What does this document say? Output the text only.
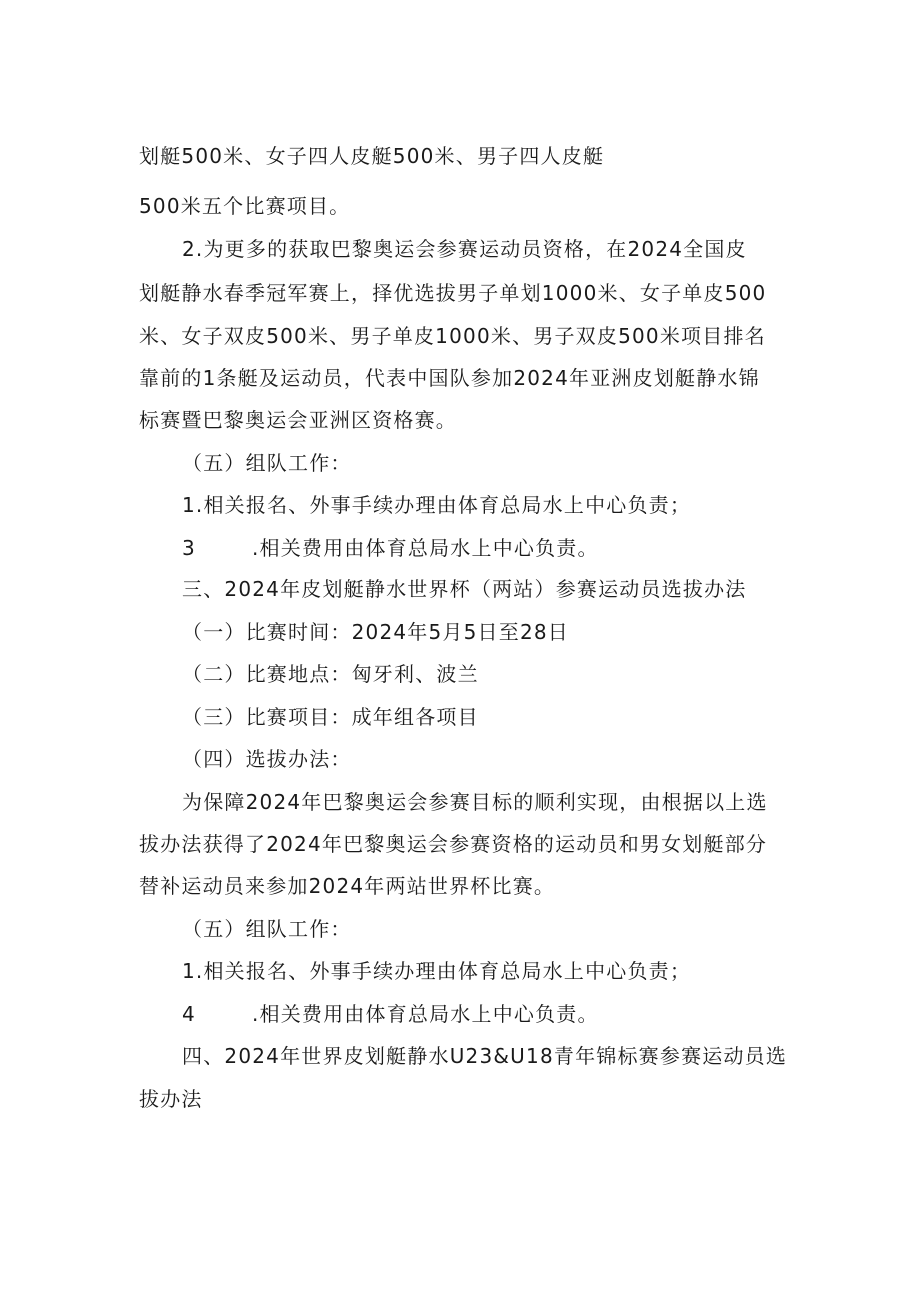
划艇500米、女子四人皮艇500米、男子四人皮艇
500米五个比赛项目。
2.为更多的获取巴黎奥运会参赛运动员资格，在2024全国皮
划艇静水春季冠军赛上，择优选拔男子单划1000米、女子单皮500
米、女子双皮500米、男子单皮1000米、男子双皮500米项目排名
靠前的1条艇及运动员，代表中国队参加2024年亚洲皮划艇静水锦
标赛暨巴黎奥运会亚洲区资格赛。
（五）组队工作：
1.相关报名、外事手续办理由体育总局水上中心负责；
3	.相关费用由体育总局水上中心负责。
三、2024年皮划艇静水世界杯（两站）参赛运动员选拔办法
（一）比赛时间：2024年5月5日至28日
（二）比赛地点：匈牙利、波兰
（三）比赛项目：成年组各项目
（四）选拔办法：
为保障2024年巴黎奥运会参赛目标的顺利实现，由根据以上选
拔办法获得了2024年巴黎奥运会参赛资格的运动员和男女划艇部分
替补运动员来参加2024年两站世界杯比赛。
（五）组队工作：
1.相关报名、外事手续办理由体育总局水上中心负责；
4	.相关费用由体育总局水上中心负责。
四、2024年世界皮划艇静水U23&U18青年锦标赛参赛运动员选
拔办法
